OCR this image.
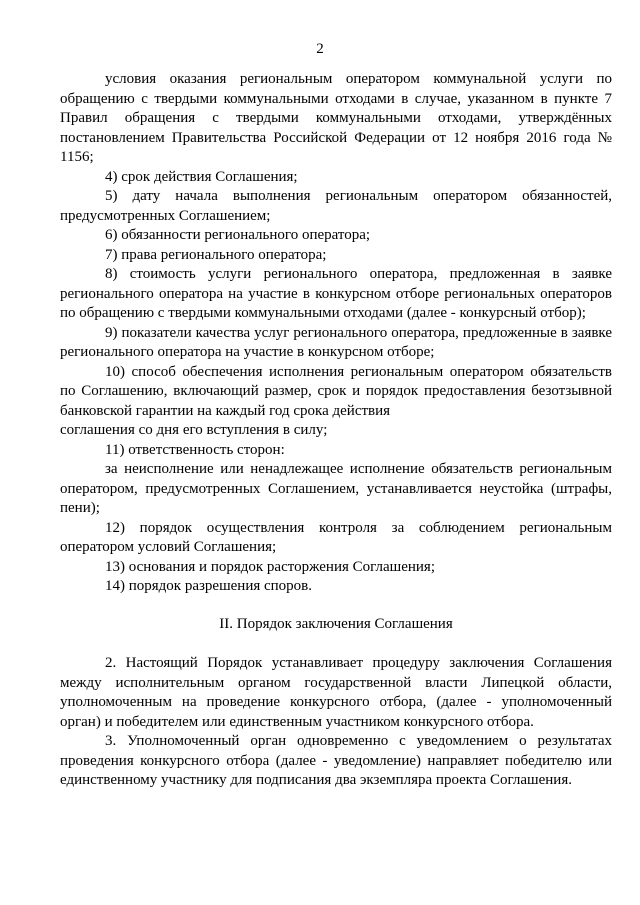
2

условия оказания региональным оператором коммунальной услуги по обращению с твердыми коммунальными отходами в случае, указанном в пункте 7 Правил обращения с твердыми коммунальными отходами, утверждённых постановлением Правительства Российской Федерации от 12 ноября 2016 года № 1156;

4) срок действия Соглашения;

5) дату начала выполнения региональным оператором обязанностей, предусмотренных Соглашением;

6) обязанности регионального оператора;

7) права регионального оператора;

8) стоимость услуги регионального оператора, предложенная в заявке регионального оператора на участие в конкурсном отборе региональных операторов по обращению с твердыми коммунальными отходами (далее - конкурсный отбор);

9) показатели качества услуг регионального оператора, предложенные в заявке регионального оператора на участие в конкурсном отборе;

10) способ обеспечения исполнения региональным оператором обязательств по Соглашению, включающий размер, срок и порядок предоставления безотзывной банковской гарантии на каждый год срока действия

соглашения со дня его вступления в силу;

11) ответственность сторон:

за неисполнение или ненадлежащее исполнение обязательств региональным оператором, предусмотренных Соглашением, устанавливается неустойка (штрафы, пени);

12) порядок осуществления контроля за соблюдением региональным оператором условий Соглашения;

13) основания и порядок расторжения Соглашения;

14) порядок разрешения споров.

II. Порядок заключения Соглашения

2. Настоящий Порядок устанавливает процедуру заключения Соглашения между исполнительным органом государственной власти Липецкой области, уполномоченным на проведение конкурсного отбора, (далее - уполномоченный орган) и победителем или единственным участником конкурсного отбора.

3. Уполномоченный орган одновременно с уведомлением о результатах проведения конкурсного отбора (далее - уведомление) направляет победителю или единственному участнику для подписания два экземпляра проекта Соглашения.
